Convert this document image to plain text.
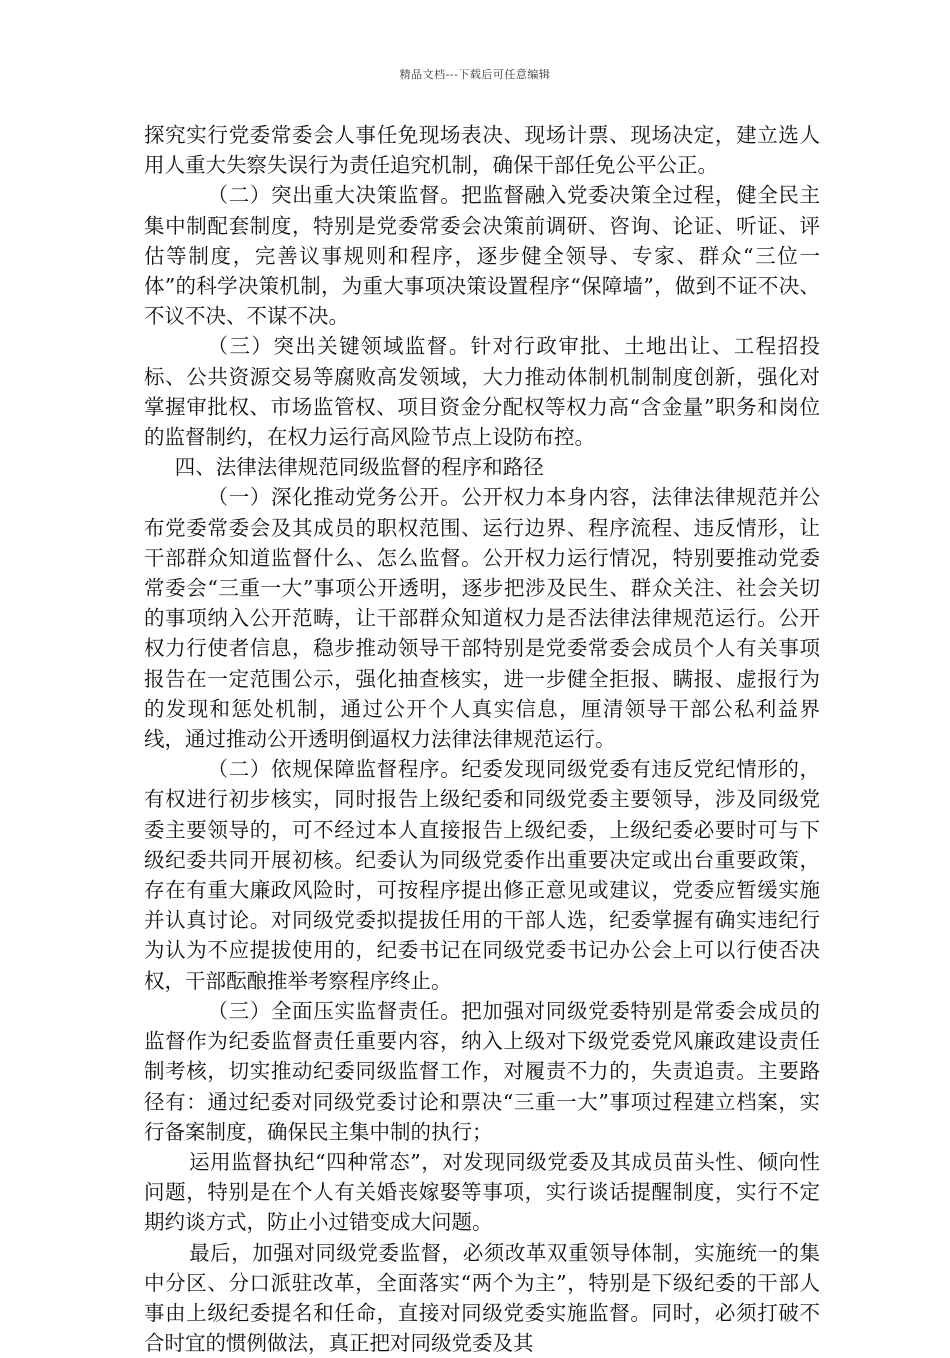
精品文档---下载后可任意编辑

探究实行党委常委会人事任免现场表决、现场计票、现场决定，建立选人用人重大失察失误行为责任追究机制，确保干部任免公平公正。

（二）突出重大决策监督。把监督融入党委决策全过程，健全民主集中制配套制度，特别是党委常委会决策前调研、咨询、论证、听证、评估等制度，完善议事规则和程序，逐步健全领导、专家、群众“三位一体”的科学决策机制，为重大事项决策设置程序“保障墙”，做到不证不决、不议不决、不谋不决。

（三）突出关键领域监督。针对行政审批、土地出让、工程招投标、公共资源交易等腐败高发领域，大力推动体制机制制度创新，强化对掌握审批权、市场监管权、项目资金分配权等权力高“含金量”职务和岗位的监督制约，在权力运行高风险节点上设防布控。

四、法律法律规范同级监督的程序和路径

（一）深化推动党务公开。公开权力本身内容，法律法律规范并公布党委常委会及其成员的职权范围、运行边界、程序流程、违反情形，让干部群众知道监督什么、怎么监督。公开权力运行情况，特别要推动党委常委会“三重一大”事项公开透明，逐步把涉及民生、群众关注、社会关切的事项纳入公开范畴，让干部群众知道权力是否法律法律规范运行。公开权力行使者信息，稳步推动领导干部特别是党委常委会成员个人有关事项报告在一定范围公示，强化抽查核实，进一步健全拒报、瞒报、虚报行为的发现和惩处机制，通过公开个人真实信息，厘清领导干部公私利益界线，通过推动公开透明倒逼权力法律法律规范运行。

（二）依规保障监督程序。纪委发现同级党委有违反党纪情形的，有权进行初步核实，同时报告上级纪委和同级党委主要领导，涉及同级党委主要领导的，可不经过本人直接报告上级纪委，上级纪委必要时可与下级纪委共同开展初核。纪委认为同级党委作出重要决定或出台重要政策，存在有重大廉政风险时，可按程序提出修正意见或建议，党委应暂缓实施并认真讨论。对同级党委拟提拔任用的干部人选，纪委掌握有确实违纪行为认为不应提拔使用的，纪委书记在同级党委书记办公会上可以行使否决权，干部酝酿推举考察程序终止。

（三）全面压实监督责任。把加强对同级党委特别是常委会成员的监督作为纪委监督责任重要内容，纳入上级对下级党委党风廉政建设责任制考核，切实推动纪委同级监督工作，对履责不力的，失责追责。主要路径有：通过纪委对同级党委讨论和票决“三重一大”事项过程建立档案，实行备案制度，确保民主集中制的执行；

运用监督执纪“四种常态”，对发现同级党委及其成员苗头性、倾向性问题，特别是在个人有关婚丧嫁娶等事项，实行谈话提醒制度，实行不定期约谈方式，防止小过错变成大问题。

最后，加强对同级党委监督，必须改革双重领导体制，实施统一的集中分区、分口派驻改革，全面落实“两个为主”，特别是下级纪委的干部人事由上级纪委提名和任命，直接对同级党委实施监督。同时，必须打破不合时宜的惯例做法，真正把对同级党委及其
